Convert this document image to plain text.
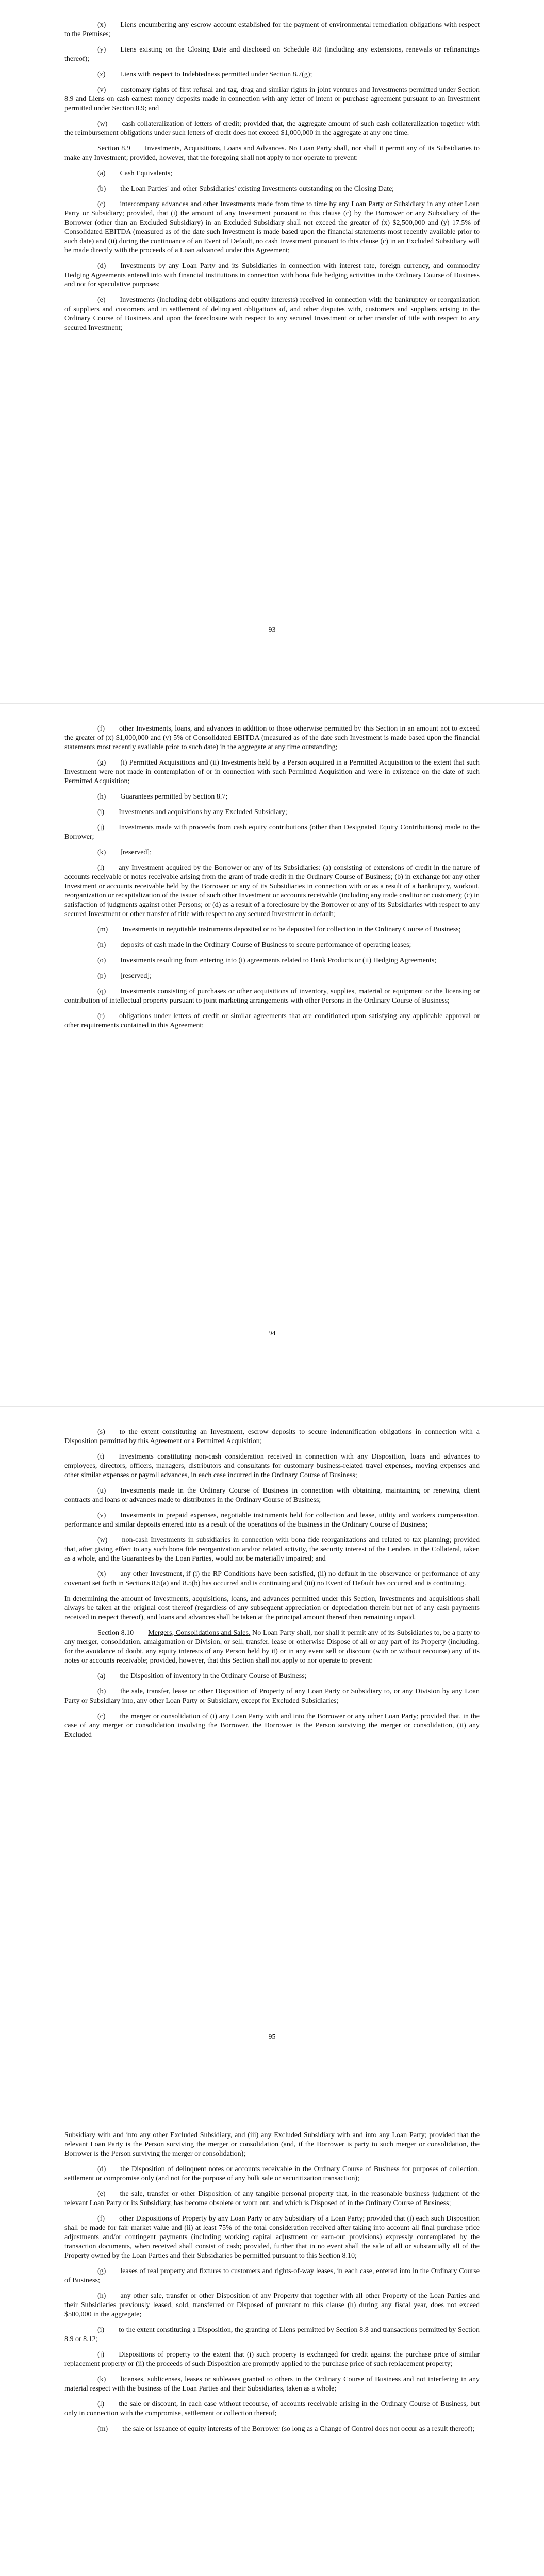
(x)   Liens encumbering any escrow account established for the payment of environmental remediation obligations with respect to the Premises;

(y)   Liens existing on the Closing Date and disclosed on Schedule 8.8 (including any extensions, renewals or refinancings thereof);

(z)   Liens with respect to Indebtedness permitted under Section 8.7(g);

(v)   customary rights of first refusal and tag, drag and similar rights in joint ventures and Investments permitted under Section 8.9 and Liens on cash earnest money deposits made in connection with any letter of intent or purchase agreement pursuant to an Investment permitted under Section 8.9; and

(w)   cash collateralization of letters of credit; provided that, the aggregate amount of such cash collateralization together with the reimbursement obligations under such letters of credit does not exceed $1,000,000 in the aggregate at any one time.

Section 8.9   Investments, Acquisitions, Loans and Advances. No Loan Party shall, nor shall it permit any of its Subsidiaries to make any Investment; provided, however, that the foregoing shall not apply to nor operate to prevent:

(a)   Cash Equivalents;

(b)   the Loan Parties' and other Subsidiaries' existing Investments outstanding on the Closing Date;

(c)   intercompany advances and other Investments made from time to time by any Loan Party or Subsidiary in any other Loan Party or Subsidiary; provided, that (i) the amount of any Investment pursuant to this clause (c) by the Borrower or any Subsidiary of the Borrower (other than an Excluded Subsidiary) in an Excluded Subsidiary shall not exceed the greater of (x) $2,500,000 and (y) 17.5% of Consolidated EBITDA (measured as of the date such Investment is made based upon the financial statements most recently available prior to such date) and (ii) during the continuance of an Event of Default, no cash Investment pursuant to this clause (c) in an Excluded Subsidiary will be made directly with the proceeds of a Loan advanced under this Agreement;

(d)   Investments by any Loan Party and its Subsidiaries in connection with interest rate, foreign currency, and commodity Hedging Agreements entered into with financial institutions in connection with bona fide hedging activities in the Ordinary Course of Business and not for speculative purposes;

(e)   Investments (including debt obligations and equity interests) received in connection with the bankruptcy or reorganization of suppliers and customers and in settlement of delinquent obligations of, and other disputes with, customers and suppliers arising in the Ordinary Course of Business and upon the foreclosure with respect to any secured Investment or other transfer of title with respect to any secured Investment;

93

(f)   other Investments, loans, and advances in addition to those otherwise permitted by this Section in an amount not to exceed the greater of (x) $1,000,000 and (y) 5% of Consolidated EBITDA (measured as of the date such Investment is made based upon the financial statements most recently available prior to such date) in the aggregate at any time outstanding;

(g)   (i) Permitted Acquisitions and (ii) Investments held by a Person acquired in a Permitted Acquisition to the extent that such Investment were not made in contemplation of or in connection with such Permitted Acquisition and were in existence on the date of such Permitted Acquisition;

(h)   Guarantees permitted by Section 8.7;

(i)   Investments and acquisitions by any Excluded Subsidiary;

(j)   Investments made with proceeds from cash equity contributions (other than Designated Equity Contributions) made to the Borrower;

(k)   [reserved];

(l)   any Investment acquired by the Borrower or any of its Subsidiaries: (a) consisting of extensions of credit in the nature of accounts receivable or notes receivable arising from the grant of trade credit in the Ordinary Course of Business; (b) in exchange for any other Investment or accounts receivable held by the Borrower or any of its Subsidiaries in connection with or as a result of a bankruptcy, workout, reorganization or recapitalization of the issuer of such other Investment or accounts receivable (including any trade creditor or customer); (c) in satisfaction of judgments against other Persons; or (d) as a result of a foreclosure by the Borrower or any of its Subsidiaries with respect to any secured Investment or other transfer of title with respect to any secured Investment in default;

(m)   Investments in negotiable instruments deposited or to be deposited for collection in the Ordinary Course of Business;

(n)   deposits of cash made in the Ordinary Course of Business to secure performance of operating leases;

(o)   Investments resulting from entering into (i) agreements related to Bank Products or (ii) Hedging Agreements;

(p)   [reserved];

(q)   Investments consisting of purchases or other acquisitions of inventory, supplies, material or equipment or the licensing or contribution of intellectual property pursuant to joint marketing arrangements with other Persons in the Ordinary Course of Business;

(r)   obligations under letters of credit or similar agreements that are conditioned upon satisfying any applicable approval or other requirements contained in this Agreement;

94

(s)   to the extent constituting an Investment, escrow deposits to secure indemnification obligations in connection with a Disposition permitted by this Agreement or a Permitted Acquisition;

(t)   Investments constituting non-cash consideration received in connection with any Disposition, loans and advances to employees, directors, officers, managers, distributors and consultants for customary business-related travel expenses, moving expenses and other similar expenses or payroll advances, in each case incurred in the Ordinary Course of Business;

(u)   Investments made in the Ordinary Course of Business in connection with obtaining, maintaining or renewing client contracts and loans or advances made to distributors in the Ordinary Course of Business;

(v)   Investments in prepaid expenses, negotiable instruments held for collection and lease, utility and workers compensation, performance and similar deposits entered into as a result of the operations of the business in the Ordinary Course of Business;

(w)   non-cash Investments in subsidiaries in connection with bona fide reorganizations and related to tax planning; provided that, after giving effect to any such bona fide reorganization and/or related activity, the security interest of the Lenders in the Collateral, taken as a whole, and the Guarantees by the Loan Parties, would not be materially impaired; and

(x)   any other Investment, if (i) the RP Conditions have been satisfied, (ii) no default in the observance or performance of any covenant set forth in Sections 8.5(a) and 8.5(b) has occurred and is continuing and (iii) no Event of Default has occurred and is continuing.

In determining the amount of Investments, acquisitions, loans, and advances permitted under this Section, Investments and acquisitions shall always be taken at the original cost thereof (regardless of any subsequent appreciation or depreciation therein but net of any cash payments received in respect thereof), and loans and advances shall be taken at the principal amount thereof then remaining unpaid.

Section 8.10   Mergers, Consolidations and Sales. No Loan Party shall, nor shall it permit any of its Subsidiaries to, be a party to any merger, consolidation, amalgamation or Division, or sell, transfer, lease or otherwise Dispose of all or any part of its Property (including, for the avoidance of doubt, any equity interests of any Person held by it) or in any event sell or discount (with or without recourse) any of its notes or accounts receivable; provided, however, that this Section shall not apply to nor operate to prevent:

(a)   the Disposition of inventory in the Ordinary Course of Business;

(b)   the sale, transfer, lease or other Disposition of Property of any Loan Party or Subsidiary to, or any Division by any Loan Party or Subsidiary into, any other Loan Party or Subsidiary, except for Excluded Subsidiaries;

(c)   the merger or consolidation of (i) any Loan Party with and into the Borrower or any other Loan Party; provided that, in the case of any merger or consolidation involving the Borrower, the Borrower is the Person surviving the merger or consolidation, (ii) any Excluded

95

Subsidiary with and into any other Excluded Subsidiary, and (iii) any Excluded Subsidiary with and into any Loan Party; provided that the relevant Loan Party is the Person surviving the merger or consolidation (and, if the Borrower is party to such merger or consolidation, the Borrower is the Person surviving the merger or consolidation);

(d)   the Disposition of delinquent notes or accounts receivable in the Ordinary Course of Business for purposes of collection, settlement or compromise only (and not for the purpose of any bulk sale or securitization transaction);

(e)   the sale, transfer or other Disposition of any tangible personal property that, in the reasonable business judgment of the relevant Loan Party or its Subsidiary, has become obsolete or worn out, and which is Disposed of in the Ordinary Course of Business;

(f)   other Dispositions of Property by any Loan Party or any Subsidiary of a Loan Party; provided that (i) each such Disposition shall be made for fair market value and (ii) at least 75% of the total consideration received after taking into account all final purchase price adjustments and/or contingent payments (including working capital adjustment or earn-out provisions) expressly contemplated by the transaction documents, when received shall consist of cash; provided, further that in no event shall the sale of all or substantially all of the Property owned by the Loan Parties and their Subsidiaries be permitted pursuant to this Section 8.10;

(g)   leases of real property and fixtures to customers and rights-of-way leases, in each case, entered into in the Ordinary Course of Business;

(h)   any other sale, transfer or other Disposition of any Property that together with all other Property of the Loan Parties and their Subsidiaries previously leased, sold, transferred or Disposed of pursuant to this clause (h) during any fiscal year, does not exceed $500,000 in the aggregate;

(i)   to the extent constituting a Disposition, the granting of Liens permitted by Section 8.8 and transactions permitted by Section 8.9 or 8.12;

(j)   Dispositions of property to the extent that (i) such property is exchanged for credit against the purchase price of similar replacement property or (ii) the proceeds of such Disposition are promptly applied to the purchase price of such replacement property;

(k)   licenses, sublicenses, leases or subleases granted to others in the Ordinary Course of Business and not interfering in any material respect with the business of the Loan Parties and their Subsidiaries, taken as a whole;

(l)   the sale or discount, in each case without recourse, of accounts receivable arising in the Ordinary Course of Business, but only in connection with the compromise, settlement or collection thereof;

(m)   the sale or issuance of equity interests of the Borrower (so long as a Change of Control does not occur as a result thereof);
